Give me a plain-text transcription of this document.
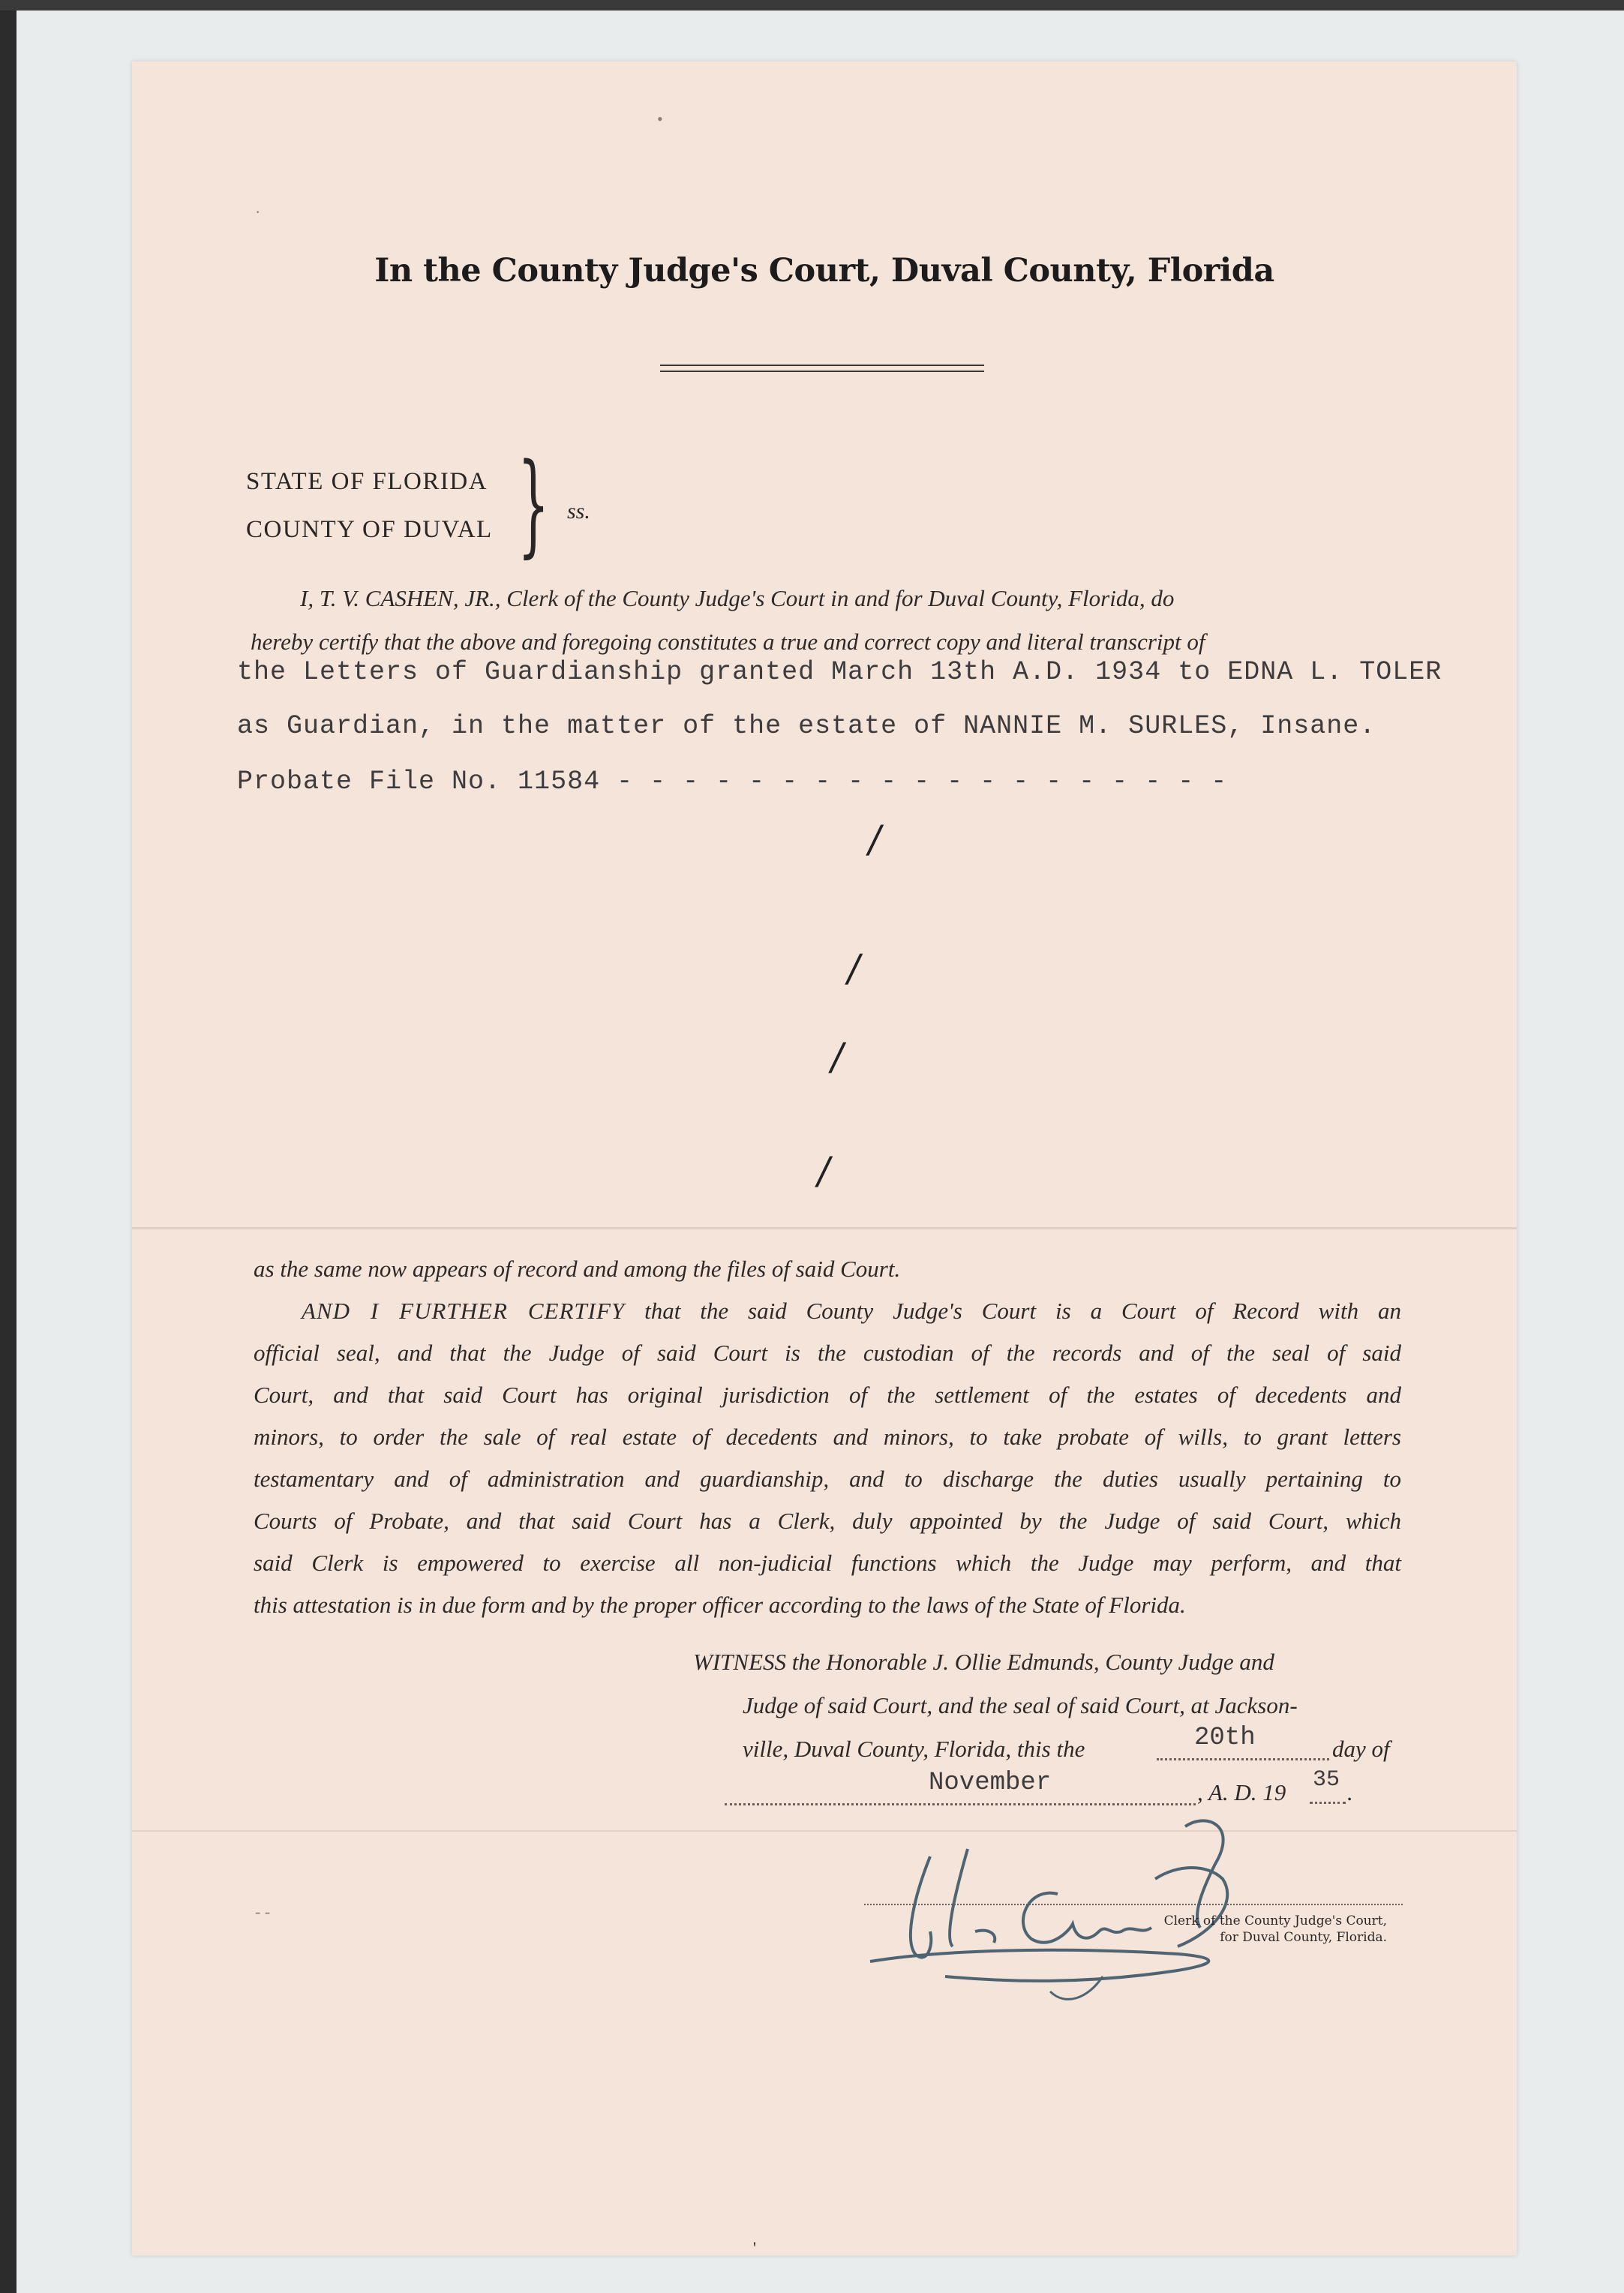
•
·
In the County Judge's Court, Duval County, Florida
STATE OF FLORIDA
COUNTY OF DUVAL } ss.
I, T. V. CASHEN, JR., Clerk of the County Judge's Court in and for Duval County, Florida, do
hereby certify that the above and foregoing constitutes a true and correct copy and literal transcript of
the Letters of Guardianship granted March 13th A.D. 1934 to EDNA L. TOLER
as Guardian, in the matter of the estate of NANNIE M. SURLES, Insane.
Probate File No. 11584 - - - - - - - - - - - - - - - - - - -
/
/
/
/
as the same now appears of record and among the files of said Court.
AND I FURTHER CERTIFY that the said County Judge's Court is a Court of Record with an
official seal, and that the Judge of said Court is the custodian of the records and of the seal of said
Court, and that said Court has original jurisdiction of the settlement of the estates of decedents and
minors, to order the sale of real estate of decedents and minors, to take probate of wills, to grant letters
testamentary and of administration and guardianship, and to discharge the duties usually pertaining to
Courts of Probate, and that said Court has a Clerk, duly appointed by the Judge of said Court, which
said Clerk is empowered to exercise all non-judicial functions which the Judge may perform, and that
this attestation is in due form and by the proper officer according to the laws of the State of Florida.
WITNESS the Honorable J. Ollie Edmunds, County Judge and
Judge of said Court, and the seal of said Court, at Jackson-
ville, Duval County, Florida, this the	20th	day of
November	, A. D. 19 35 .
Clerk of the County Judge's Court,
for Duval County, Florida.
'
- -
